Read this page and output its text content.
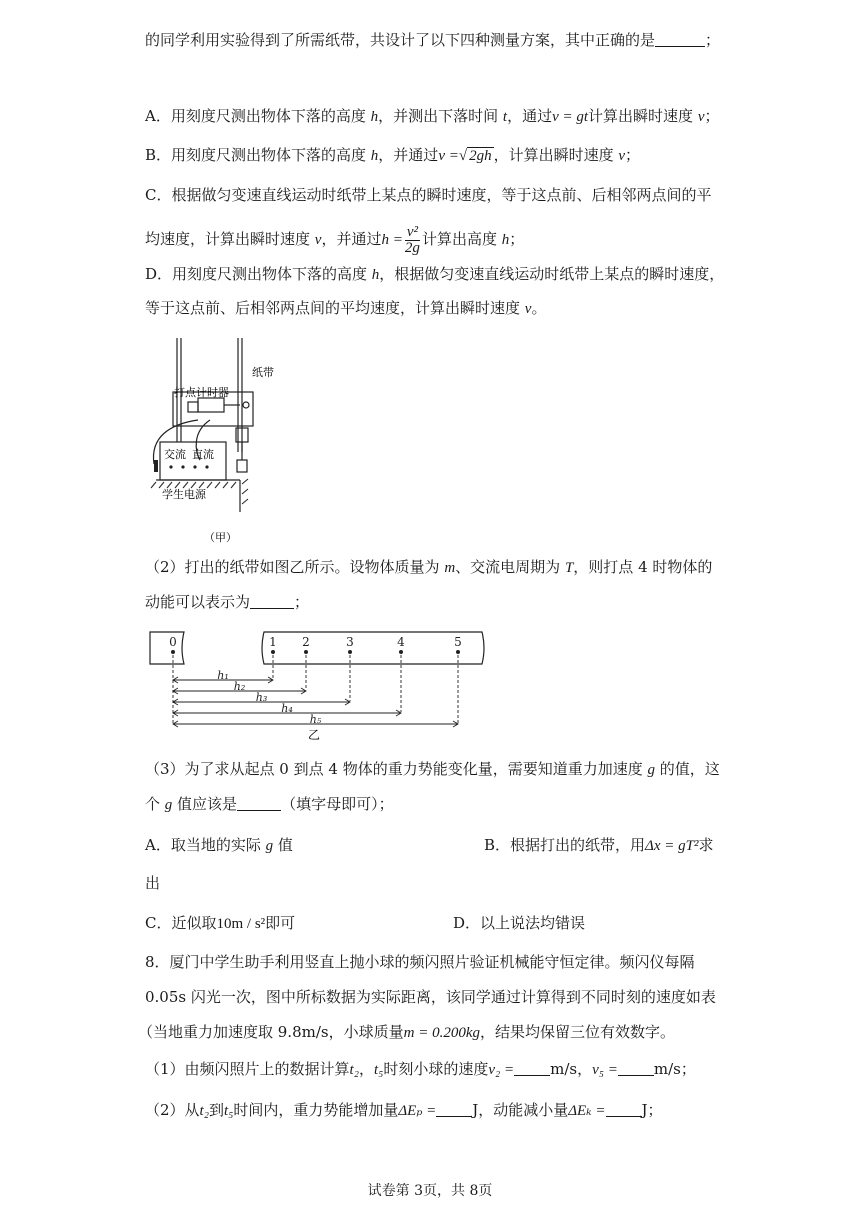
的同学利用实验得到了所需纸带，共设计了以下四种测量方案，其中正确的是	；
A．用刻度尺测出物体下落的高度 h，并测出下落时间 t，通过v = gt计算出瞬时速度 v；
B．用刻度尺测出物体下落的高度 h，并通过v =√ 2gh ，计算出瞬时速度 v；
C．根据做匀变速直线运动时纸带上某点的瞬时速度，等于这点前、后相邻两点间的平
均速度，计算出瞬时速度 v，并通过$h = \frac{\text{v²}}{2g}$ 计算出高度 h；
D．用刻度尺测出物体下落的高度 h，根据做匀变速直线运动时纸带上某点的瞬时速度，
等于这点前、后相邻两点间的平均速度，计算出瞬时速度 v。
纸带
打点计时器
交流 直流
学生电源
（甲）
（2）打出的纸带如图乙所示。设物体质量为 m、交流电周期为 T，则打点 4 时物体的
动能可以表示为	；
0	1 2	3	4	5
h₁
h₂
h₃
h₄
h₅
乙
（3）为了求从起点 0 到点 4 物体的重力势能变化量，需要知道重力加速度 g 的值，这
个 g 值应该是	（填字母即可）；
A．取当地的实际 g 值	B．根据打出的纸带，用Δx = gT²求
出
C．近似取10m / s²即可	D．以上说法均错误
8．厦门中学生助手利用竖直上抛小球的频闪照片验证机械能守恒定律。频闪仪每隔
0.05s 闪光一次，图中所标数据为实际距离，该同学通过计算得到不同时刻的速度如表
（当地重力加速度取 9.8m/s，小球质量m = 0.200kg，结果均保留三位有效数字。
（1）由频闪照片上的数据计算t₂，t₅时刻小球的速度v₂ = m/s，v₅ = m/s；
（2）从t₂到t₅时间内，重力势能增加量ΔEₚ = J，动能减小量ΔEₖ = J；
试卷第 3页，共 8页
